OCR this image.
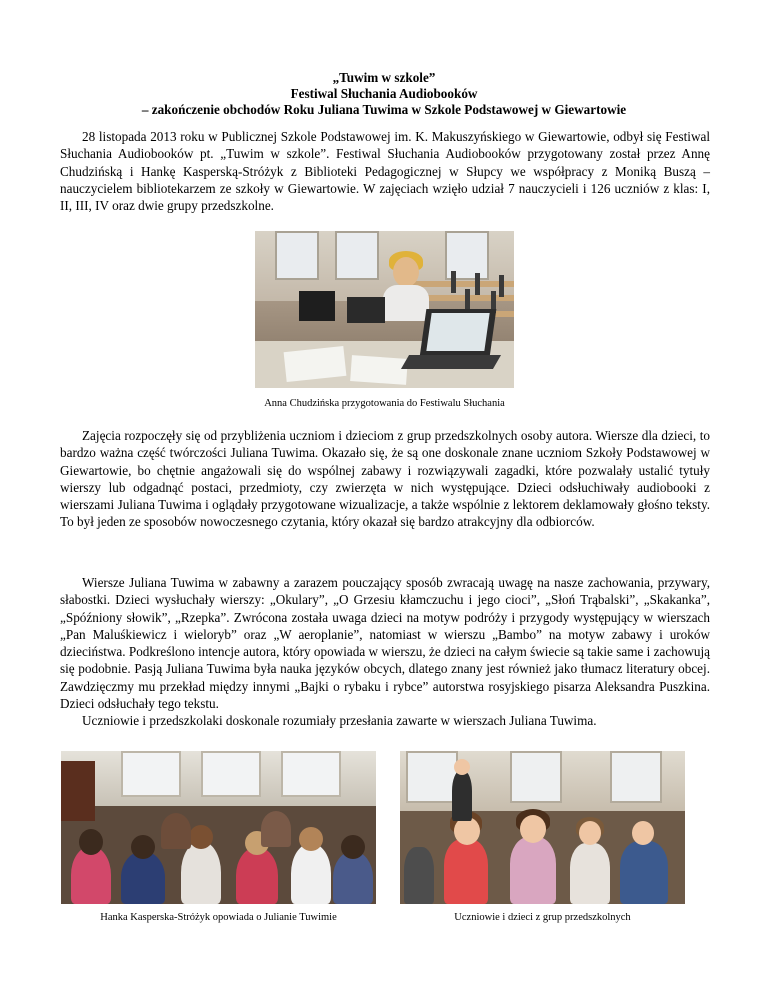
„Tuwim w szkole”
Festiwal Słuchania Audiobooków
– zakończenie obchodów Roku Juliana Tuwima w Szkole Podstawowej w Giewartowie

28 listopada 2013 roku w Publicznej Szkole Podstawowej im. K. Makuszyńskiego w Giewartowie, odbył się Festiwal Słuchania Audiobooków pt. „Tuwim w szkole”. Festiwal Słuchania Audiobooków przygotowany został przez Annę Chudzińską i Hankę Kasperską-Stróżyk z Biblioteki Pedagogicznej w Słupcy we współpracy z Moniką Buszą – nauczycielem bibliotekarzem ze szkoły w Giewartowie. W zajęciach wzięło udział 7 nauczycieli i 126 uczniów z klas: I, II, III, IV oraz dwie grupy przedszkolne.

Anna Chudzińska przygotowania do Festiwalu Słuchania

Zajęcia rozpoczęły się od przybliżenia uczniom i dzieciom z grup przedszkolnych osoby autora. Wiersze dla dzieci, to bardzo ważna część twórczości Juliana Tuwima. Okazało się, że są one doskonale znane uczniom Szkoły Podstawowej w Giewartowie, bo chętnie angażowali się do wspólnej zabawy i rozwiązywali zagadki, które pozwalały ustalić tytuły wierszy lub odgadnąć postaci, przedmioty, czy zwierzęta w nich występujące. Dzieci odsłuchiwały audiobooki z wierszami Juliana Tuwima i oglądały przygotowane wizualizacje, a także wspólnie z lektorem deklamowały głośno teksty. To był jeden ze sposobów nowoczesnego czytania, który okazał się bardzo atrakcyjny dla odbiorców.

Wiersze Juliana Tuwima w zabawny a zarazem pouczający sposób zwracają uwagę na nasze zachowania, przywary, słabostki. Dzieci wysłuchały wierszy: „Okulary”, „O Grzesiu kłamczuchu i jego cioci”, „Słoń Trąbalski”, „Skakanka”, „Spóźniony słowik”, „Rzepka”. Zwrócona została uwaga dzieci na motyw podróży i przygody występujący w wierszach „Pan Maluśkiewicz i wieloryb” oraz „W aeroplanie”, natomiast w wierszu „Bambo” na motyw zabawy i uroków dzieciństwa. Podkreślono intencje autora, który opowiada w wierszu, że dzieci na całym świecie są takie same i zachowują się podobnie. Pasją Juliana Tuwima była nauka języków obcych, dlatego znany jest również jako tłumacz literatury obcej. Zawdzięczmy mu przekład między innymi „Bajki o rybaku i rybce” autorstwa rosyjskiego pisarza Aleksandra Puszkina. Dzieci odsłuchały tego tekstu.
Uczniowie i przedszkolaki doskonale rozumiały przesłania zawarte w wierszach Juliana Tuwima.

Hanka Kasperska-Stróżyk opowiada o Julianie Tuwimie	Uczniowie i dzieci z grup przedszkolnych
